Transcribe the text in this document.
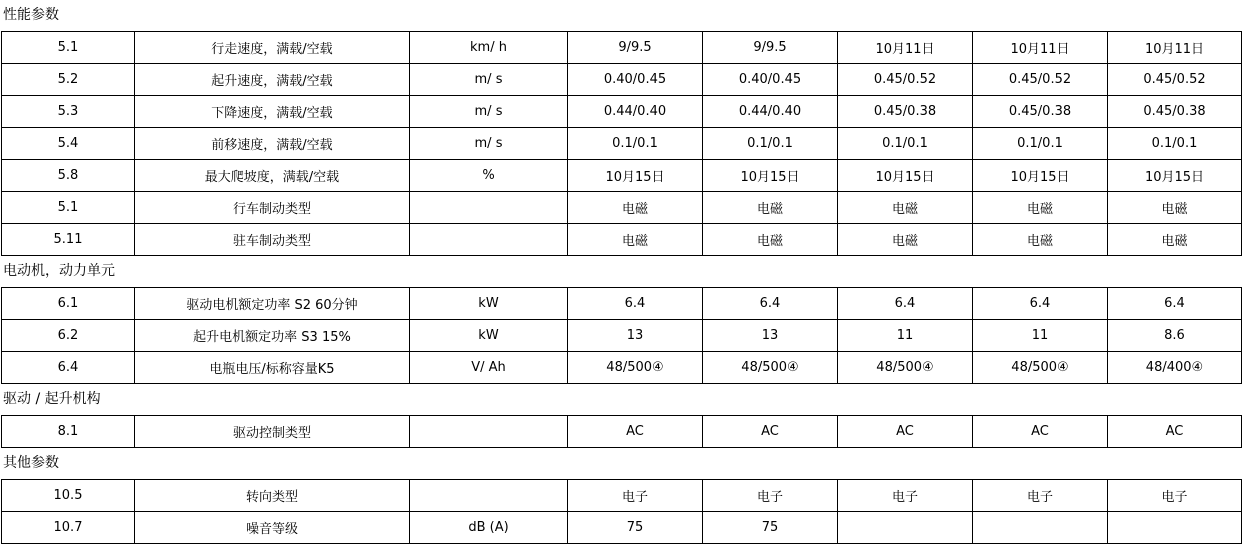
性能参数
5.1	行走速度，满载/空载	km/ h	9/9.5	9/9.5	10月11日	10月11日	10月11日
5.2	起升速度，满载/空载	m/ s	0.40/0.45	0.40/0.45	0.45/0.52	0.45/0.52	0.45/0.52
5.3	下降速度，满载/空载	m/ s	0.44/0.40	0.44/0.40	0.45/0.38	0.45/0.38	0.45/0.38
5.4	前移速度，满载/空载	m/ s	0.1/0.1	0.1/0.1	0.1/0.1	0.1/0.1	0.1/0.1
5.8	最大爬坡度，满载/空载	%	10月15日	10月15日	10月15日	10月15日	10月15日
5.1	行车制动类型		电磁	电磁	电磁	电磁	电磁
5.11	驻车制动类型		电磁	电磁	电磁	电磁	电磁
电动机，动力单元
6.1	驱动电机额定功率 S2 60分钟	kW	6.4	6.4	6.4	6.4	6.4
6.2	起升电机额定功率 S3 15%	kW	13	13	11	11	8.6
6.4	电瓶电压/标称容量K5	V/ Ah	48/500④	48/500④	48/500④	48/500④	48/400④
驱动 / 起升机构
8.1	驱动控制类型		AC	AC	AC	AC	AC
其他参数
10.5	转向类型		电子	电子	电子	电子	电子
10.7	噪音等级	dB (A)	75	75			
